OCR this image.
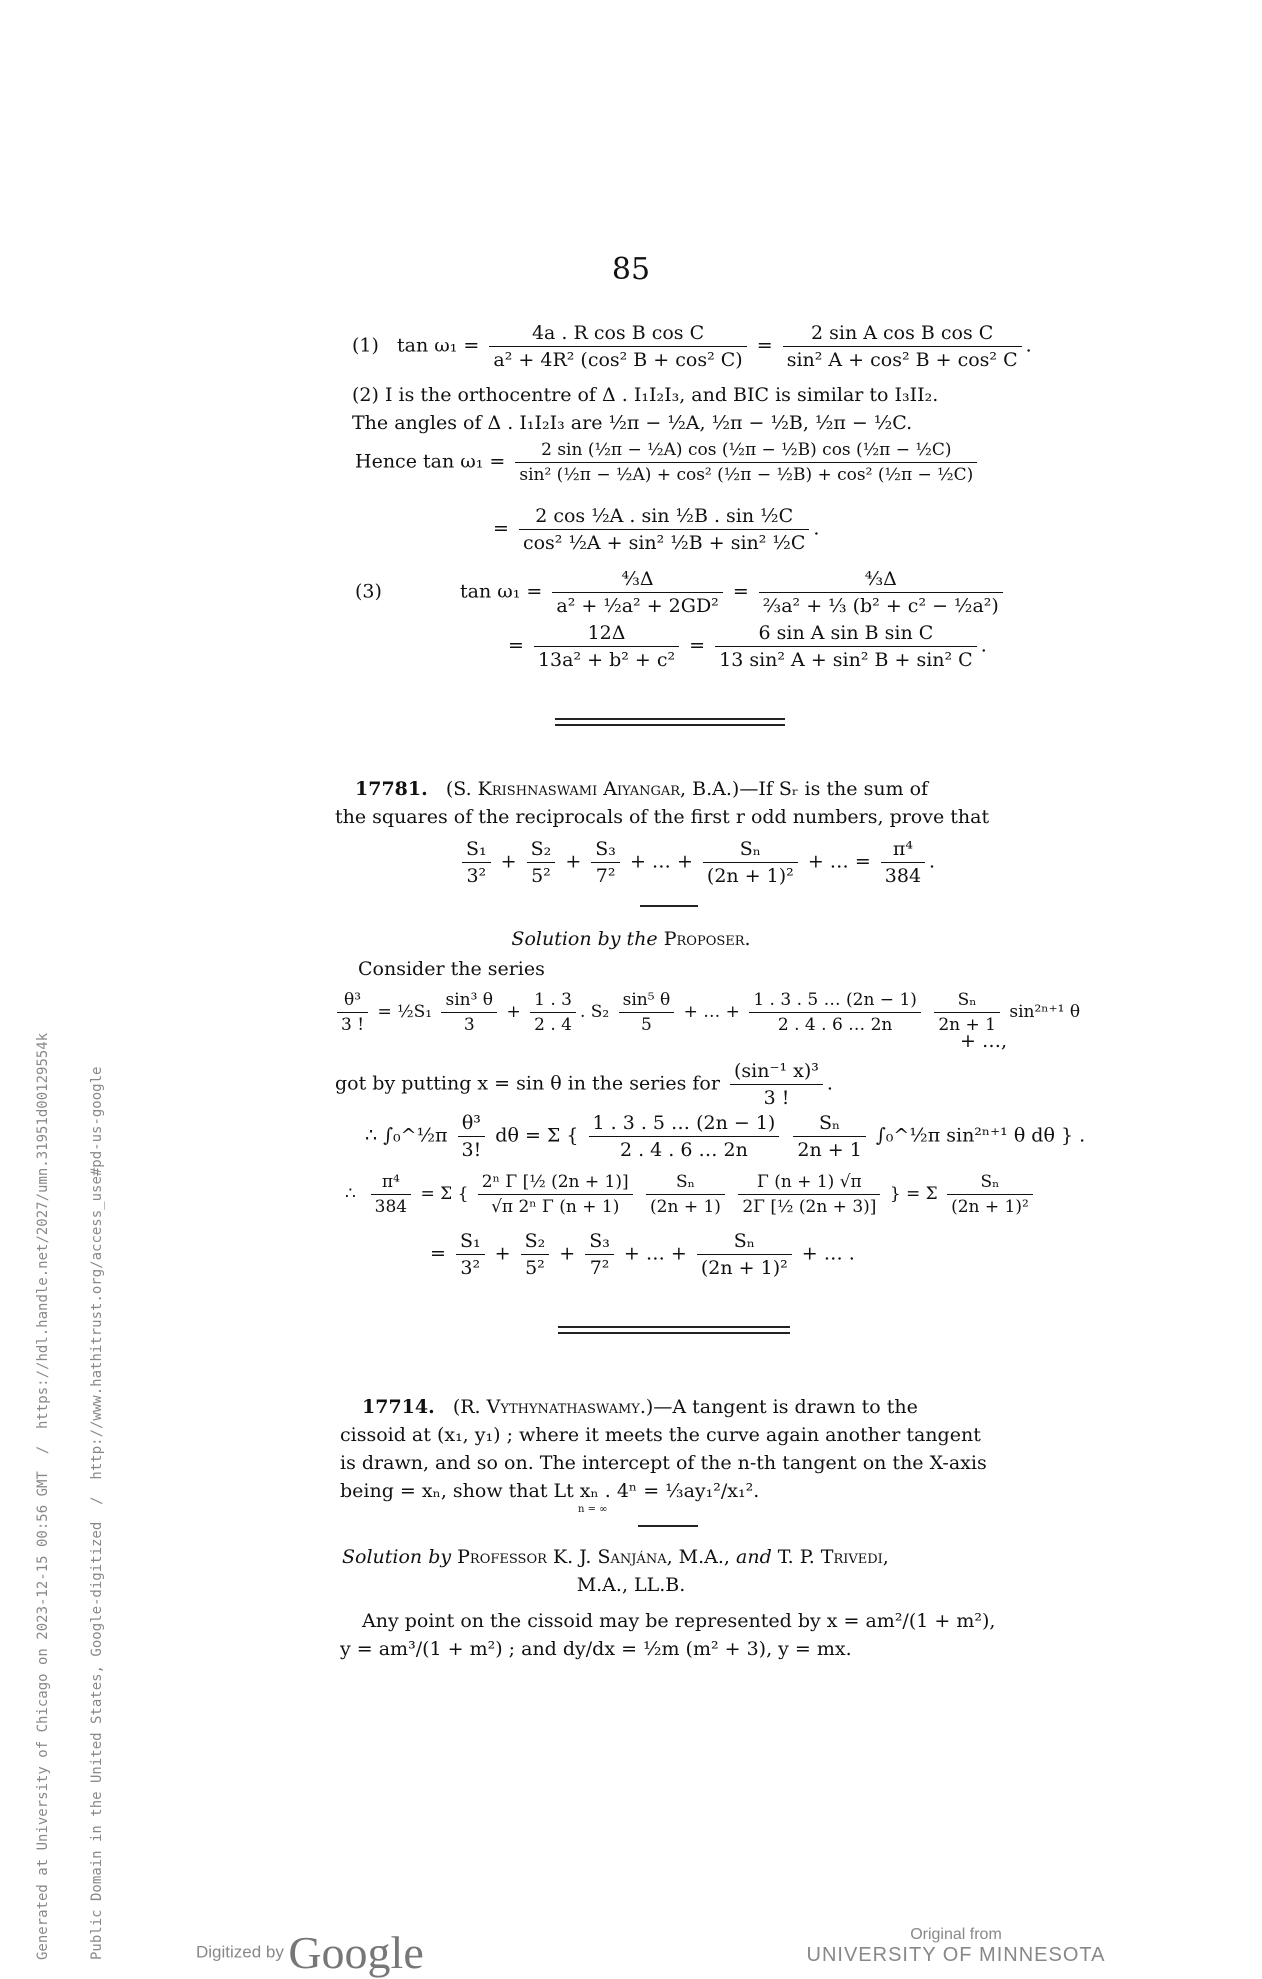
85
(1) $\tan \omega_1 = \frac{\text{4a . R cos B cos C}}{\text{a² + 4R² (cos² B + cos² C)}} = \frac{\text{2 sin A cos B cos C}}{\text{sin² A + cos² B + cos² C}}$ .
(2) I is the orthocentre of Δ . I₁I₂I₃, and BIC is similar to I₃II₂.
The angles of Δ . I₁I₂I₃ are ½π − ½A, ½π − ½B, ½π − ½C.
Hence $\tan \omega_1 = \frac{\text{2 sin (½π − ½A) cos (½π − ½B) cos (½π − ½C)}}{\text{sin² (½π − ½A) + cos² (½π − ½B) + cos² (½π − ½C)}}$
= $\frac{\text{2 cos ½A . sin ½B . sin ½C}}{\text{cos² ½A + sin² ½B + sin² ½C}}$ .
(3)	$\tan \omega_1 = \frac{\text{⁴⁄₃Δ}}{\text{a² + ½a² + 2GD²}} = \frac{\text{⁴⁄₃Δ}}{\text{⅔a² + ⅓ (b² + c² − ½a²)}}$
= $\frac{12\Delta}{\text{13a² + b² + c²}} = \frac{\text{6 sin A sin B sin C}}{\text{13 sin² A + sin² B + sin² C}}$ .
17781. (S. Krishnaswami Aiyangar, B.A.)—If Sᵣ is the sum of
the squares of the reciprocals of the first r odd numbers, prove that
$\frac{\text{S₁}}{\text{3²}} + \frac{\text{S₂}}{\text{5²}} + \frac{\text{S₃}}{\text{7²}}$ + … + $\frac{\text{Sₙ}}{\text{(2n + 1)²}}$ + … = $\frac{\text{π⁴}}{384}$ .
Solution by the Proposer.
Consider the series
$\frac{\text{θ³}}{3 !}$ = ½S₁ $\frac{\text{sin³ θ}}{3} + \frac{1 . 3}{2 . 4}$ . $S_2 \frac{\text{sin⁵ θ}}{5}$ + … + $\frac{1 . 3 . 5 \dots (2n - 1)}{2 . 4 . 6 \dots 2n}$
$\frac{\text{Sₙ}}{2n + 1} \sin^{2n+1}$ θ
+ …,
got by putting x = sin θ in the series for $\frac{\text{(sin⁻¹ x)³}}{3 !}$ .
∴ ∫₀^½π $\frac{\text{θ³}}{3!}$ dθ = Σ { $\frac{1 . 3 . 5 \dots (2n - 1)}{2 . 4 . 6 \dots 2n}$
$\frac{\text{Sₙ}}{2n + 1}$ ∫₀^½π sin²ⁿ⁺¹ θ dθ } .
∴ $\frac{\text{π⁴}}{384} = \Sigma$ { $\frac{\text{2ⁿ Γ [½ (2n + 1)]}}{\text{√π 2ⁿ Γ (n + 1)}}$
$\frac{\text{Sₙ}}{(2n + 1)}$
$\frac{\Gamma (n + 1) √\pi}{\text{2Γ [½ (2n + 3)]}}$ } = Σ $\frac{\text{Sₙ}}{\text{(2n + 1)²}}$
= $\frac{\text{S₁}}{\text{3²}} + \frac{\text{S₂}}{\text{5²}} + \frac{\text{S₃}}{\text{7²}}$ + … + $\frac{\text{Sₙ}}{\text{(2n + 1)²}}$ + … .
17714. (R. Vythynathaswamy.)—A tangent is drawn to the
cissoid at (x₁, y₁) ; where it meets the curve again another tangent
is drawn, and so on. The intercept of the n-th tangent on the X-axis
being = xₙ, show that Lt xₙ . 4ⁿ = ⅓ay₁²/x₁².
n = ∞
Solution by Professor K. J. Sanjána, M.A., and T. P. Trivedi,
M.A., LL.B.
Any point on the cissoid may be represented by x = am²/(1 + m²),
y = am³/(1 + m²) ; and dy/dx = ½m (m² + 3), y = mx.

Generated at University of Chicago on 2023-12-15 00:56 GMT  /  https://hdl.handle.net/2027/umn.31951d00129554k

	Public Domain in the United States, Google-digitized  /  http://www.hathitrust.org/access_use#pd-us-google	Digitized by Google	Original from
UNIVERSITY OF MINNESOTA
